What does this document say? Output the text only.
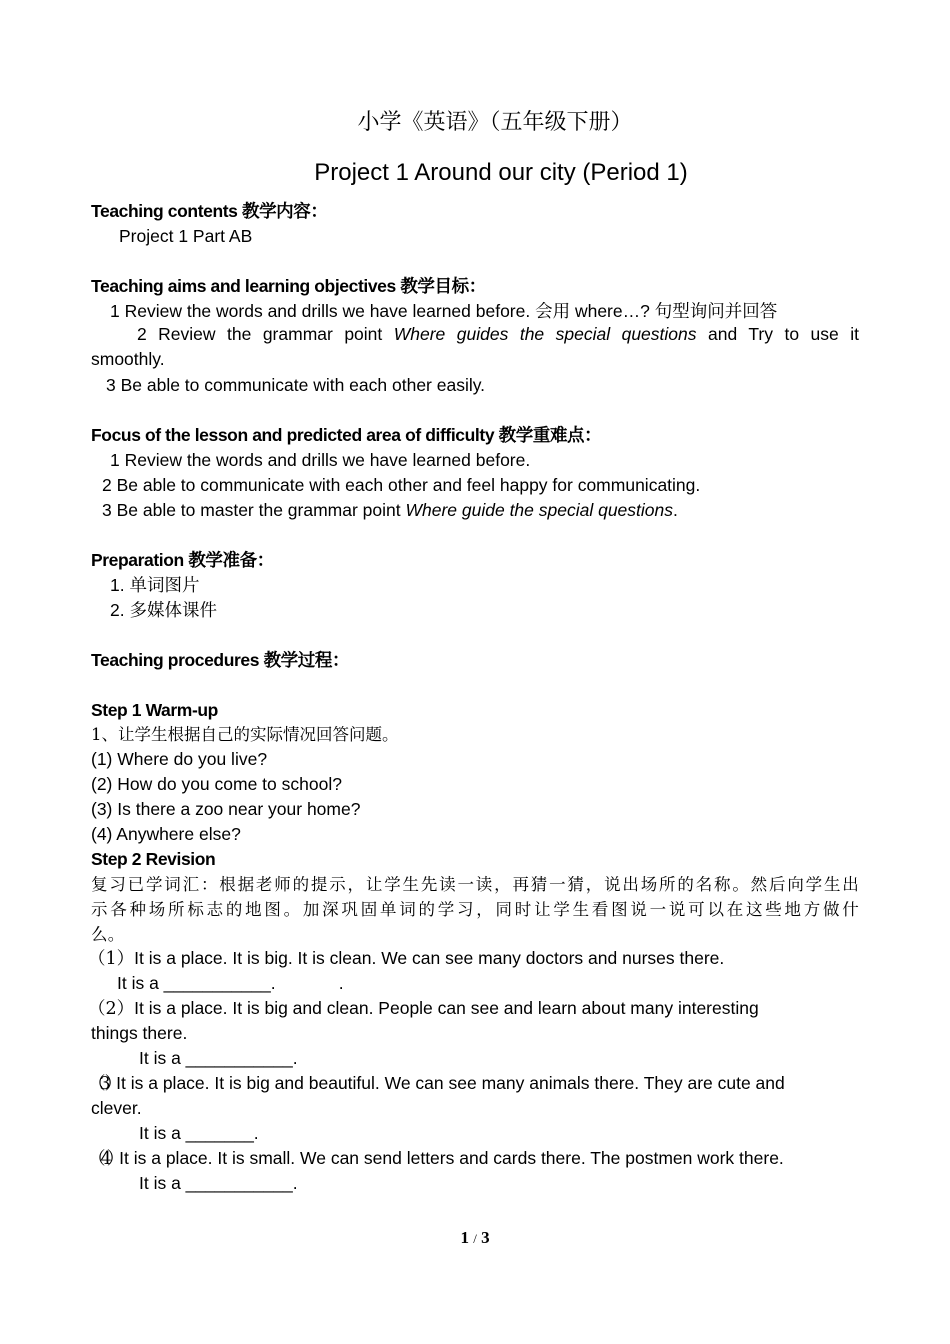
小学《英语》（五年级下册）
Project 1 Around our city (Period 1)
Teaching contents 教学内容：
Project 1 Part AB
Teaching aims and learning objectives 教学目标：
1 Review the words and drills we have learned before. 会用 where…? 句型询问并回答
2 Review the grammar point Where guides the special questions and Try to use it
smoothly.
3 Be able to communicate with each other easily.
Focus of the lesson and predicted area of difficulty 教学重难点：
1 Review the words and drills we have learned before.
2 Be able to communicate with each other and feel happy for communicating.
3 Be able to master the grammar point Where guide the special questions.
Preparation 教学准备：
1. 单词图片
2. 多媒体课件
Teaching procedures 教学过程：
Step 1 Warm-up
1、让学生根据自己的实际情况回答问题。
(1) Where do you live?
(2) How do you come to school?
(3) Is there a zoo near your home?
(4) Anywhere else?
Step 2 Revision
复习已学词汇：根据老师的提示，让学生先读一读，再猜一猜，说出场所的名称。然后向学生出
示各种场所标志的地图。加深巩固单词的学习，同时让学生看图说一说可以在这些地方做什
么。
（1）It is a place. It is big. It is clean. We can see many doctors and nurses there.
It is a ___________.             .
（2）It is a place. It is big and clean. People can see and learn about many interesting
things there.
It is a ___________.
（3）It is a place. It is big and beautiful. We can see many animals there. They are cute and
clever.
It is a _______.
（4）It is a place. It is small. We can send letters and cards there. The postmen work there.
It is a ___________.
1 / 3
